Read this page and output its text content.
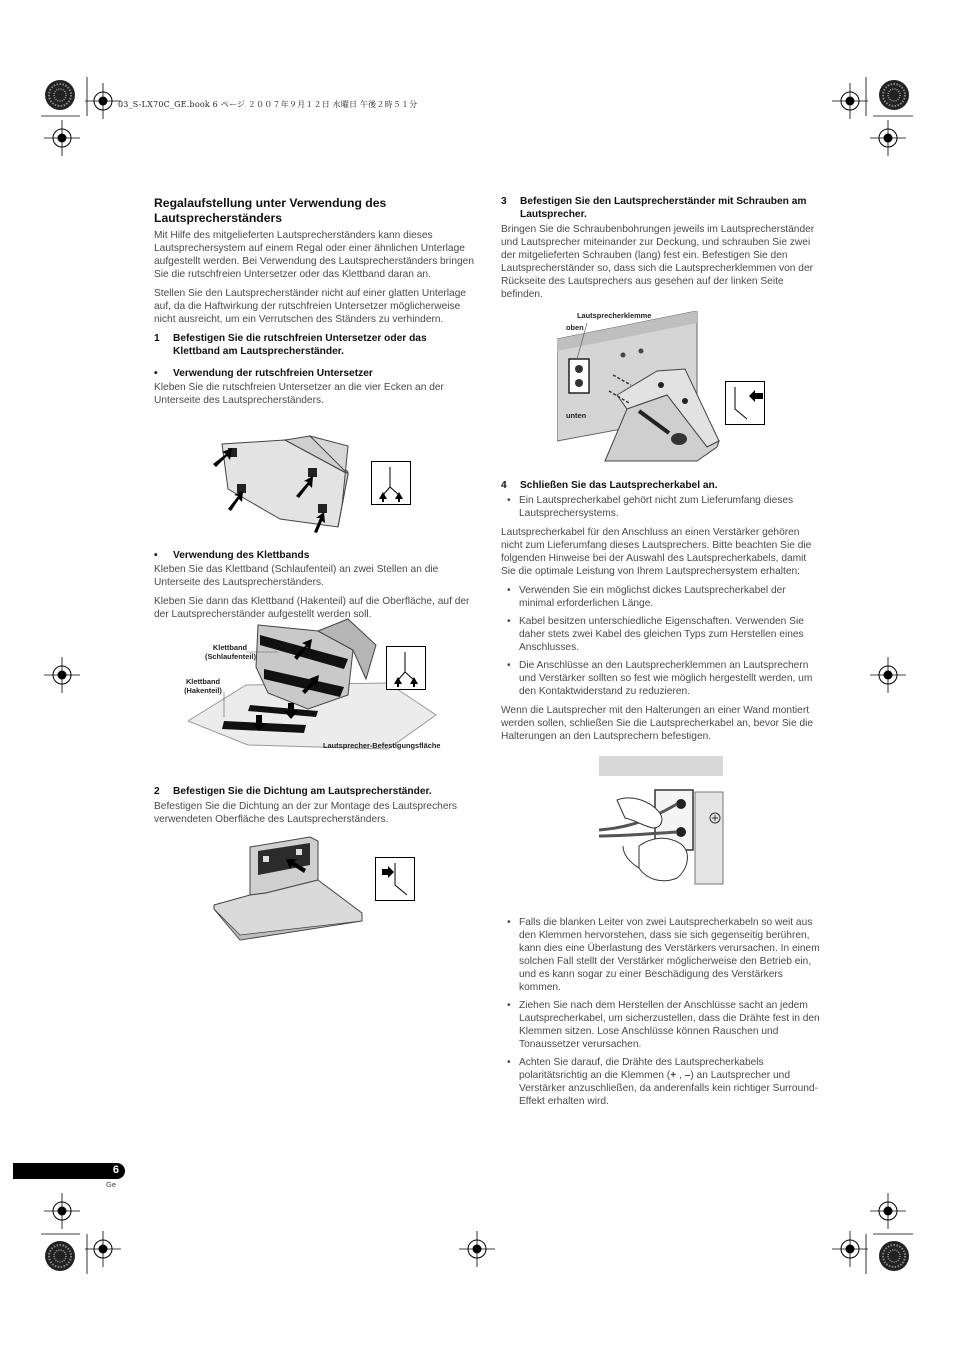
03_S-LX70C_GE.book 6 ページ ２００７年９月１２日 水曜日 午後２時５１分
Regalaufstellung unter Verwendung des Lautsprecherständers

Mit Hilfe des mitgelieferten Lautsprecherständers kann dieses Lautsprechersystem auf einem Regal oder einer ähnlichen Unterlage aufgestellt werden. Bei Verwendung des Lautsprecherständers bringen Sie die rutschfreien Untersetzer oder das Klettband daran an.

Stellen Sie den Lautsprecherständer nicht auf einer glatten Unterlage auf, da die Haftwirkung der rutschfreien Untersetzer möglicherweise nicht ausreicht, um ein Verrutschen des Ständers zu verhindern.

1	Befestigen Sie die rutschfreien Untersetzer oder das Klettband am Lautsprecherständer.
•	Verwendung der rutschfreien Untersetzer

Kleben Sie die rutschfreien Untersetzer an die vier Ecken an der Unterseite des Lautsprecherständers.

•	Verwendung des Klettbands

Kleben Sie das Klettband (Schlaufenteil) an zwei Stellen an die Unterseite des Lautsprecherständers.

Kleben Sie dann das Klettband (Hakenteil) auf die Oberfläche, auf der der Lautsprecherständer aufgestellt werden soll.

2	Befestigen Sie die Dichtung am Lautsprecherständer.

Befestigen Sie die Dichtung an der zur Montage des Lautsprechers verwendeten Oberfläche des Lautsprecherständers.

Klettband
(Schlaufenteil)
Klettband
(Hakenteil)
Lautsprecher-Befestigungsfläche
3	Befestigen Sie den Lautsprecherständer mit Schrauben am Lautsprecher.

Bringen Sie die Schraubenbohrungen jeweils im Lautsprecherständer und Lautsprecher miteinander zur Deckung, und schrauben Sie zwei der mitgelieferten Schrauben (lang) fest ein. Befestigen Sie den Lautsprecherständer so, dass sich die Lautsprecherklemmen von der Rückseite des Lautsprechers aus gesehen auf der linken Seite befinden.

Lautsprecherklemme
oben
unten
4	Schließen Sie das Lautsprecherkabel an.
• Ein Lautsprecherkabel gehört nicht zum Lieferumfang dieses Lautsprechersystems.

Lautsprecherkabel für den Anschluss an einen Verstärker gehören nicht zum Lieferumfang dieses Lautsprechers. Bitte beachten Sie die folgenden Hinweise bei der Auswahl des Lautsprecherkabels, damit Sie die optimale Leistung von Ihrem Lautsprechersystem erhalten:

• Verwenden Sie ein möglichst dickes Lautsprecherkabel der minimal erforderlichen Länge.
• Kabel besitzen unterschiedliche Eigenschaften. Verwenden Sie daher stets zwei Kabel des gleichen Typs zum Herstellen eines Anschlusses.
• Die Anschlüsse an den Lautsprecherklemmen an Lautsprechern und Verstärker sollten so fest wie möglich hergestellt werden, um den Kontaktwiderstand zu reduzieren.

Wenn die Lautsprecher mit den Halterungen an einer Wand montiert werden sollen, schließen Sie die Lautsprecherkabel an, bevor Sie die Halterungen an den Lautsprechern befestigen.

• Falls die blanken Leiter von zwei Lautsprecherkabeln so weit aus den Klemmen hervorstehen, dass sie sich gegenseitig berühren, kann dies eine Überlastung des Verstärkers verursachen. In einem solchen Fall stellt der Verstärker möglicherweise den Betrieb ein, und es kann sogar zu einer Beschädigung des Verstärkers kommen.
• Ziehen Sie nach dem Herstellen der Anschlüsse sacht an jedem Lautsprecherkabel, um sicherzustellen, dass die Drähte fest in den Klemmen sitzen. Lose Anschlüsse können Rauschen und Tonaussetzer verursachen.
• Achten Sie darauf, die Drähte des Lautsprecherkabels polaritätsrichtig an die Klemmen (+ , –) an Lautsprecher und Verstärker anzuschließen, da anderenfalls kein richtiger Surround-Effekt erhalten wird.
6
Ge
